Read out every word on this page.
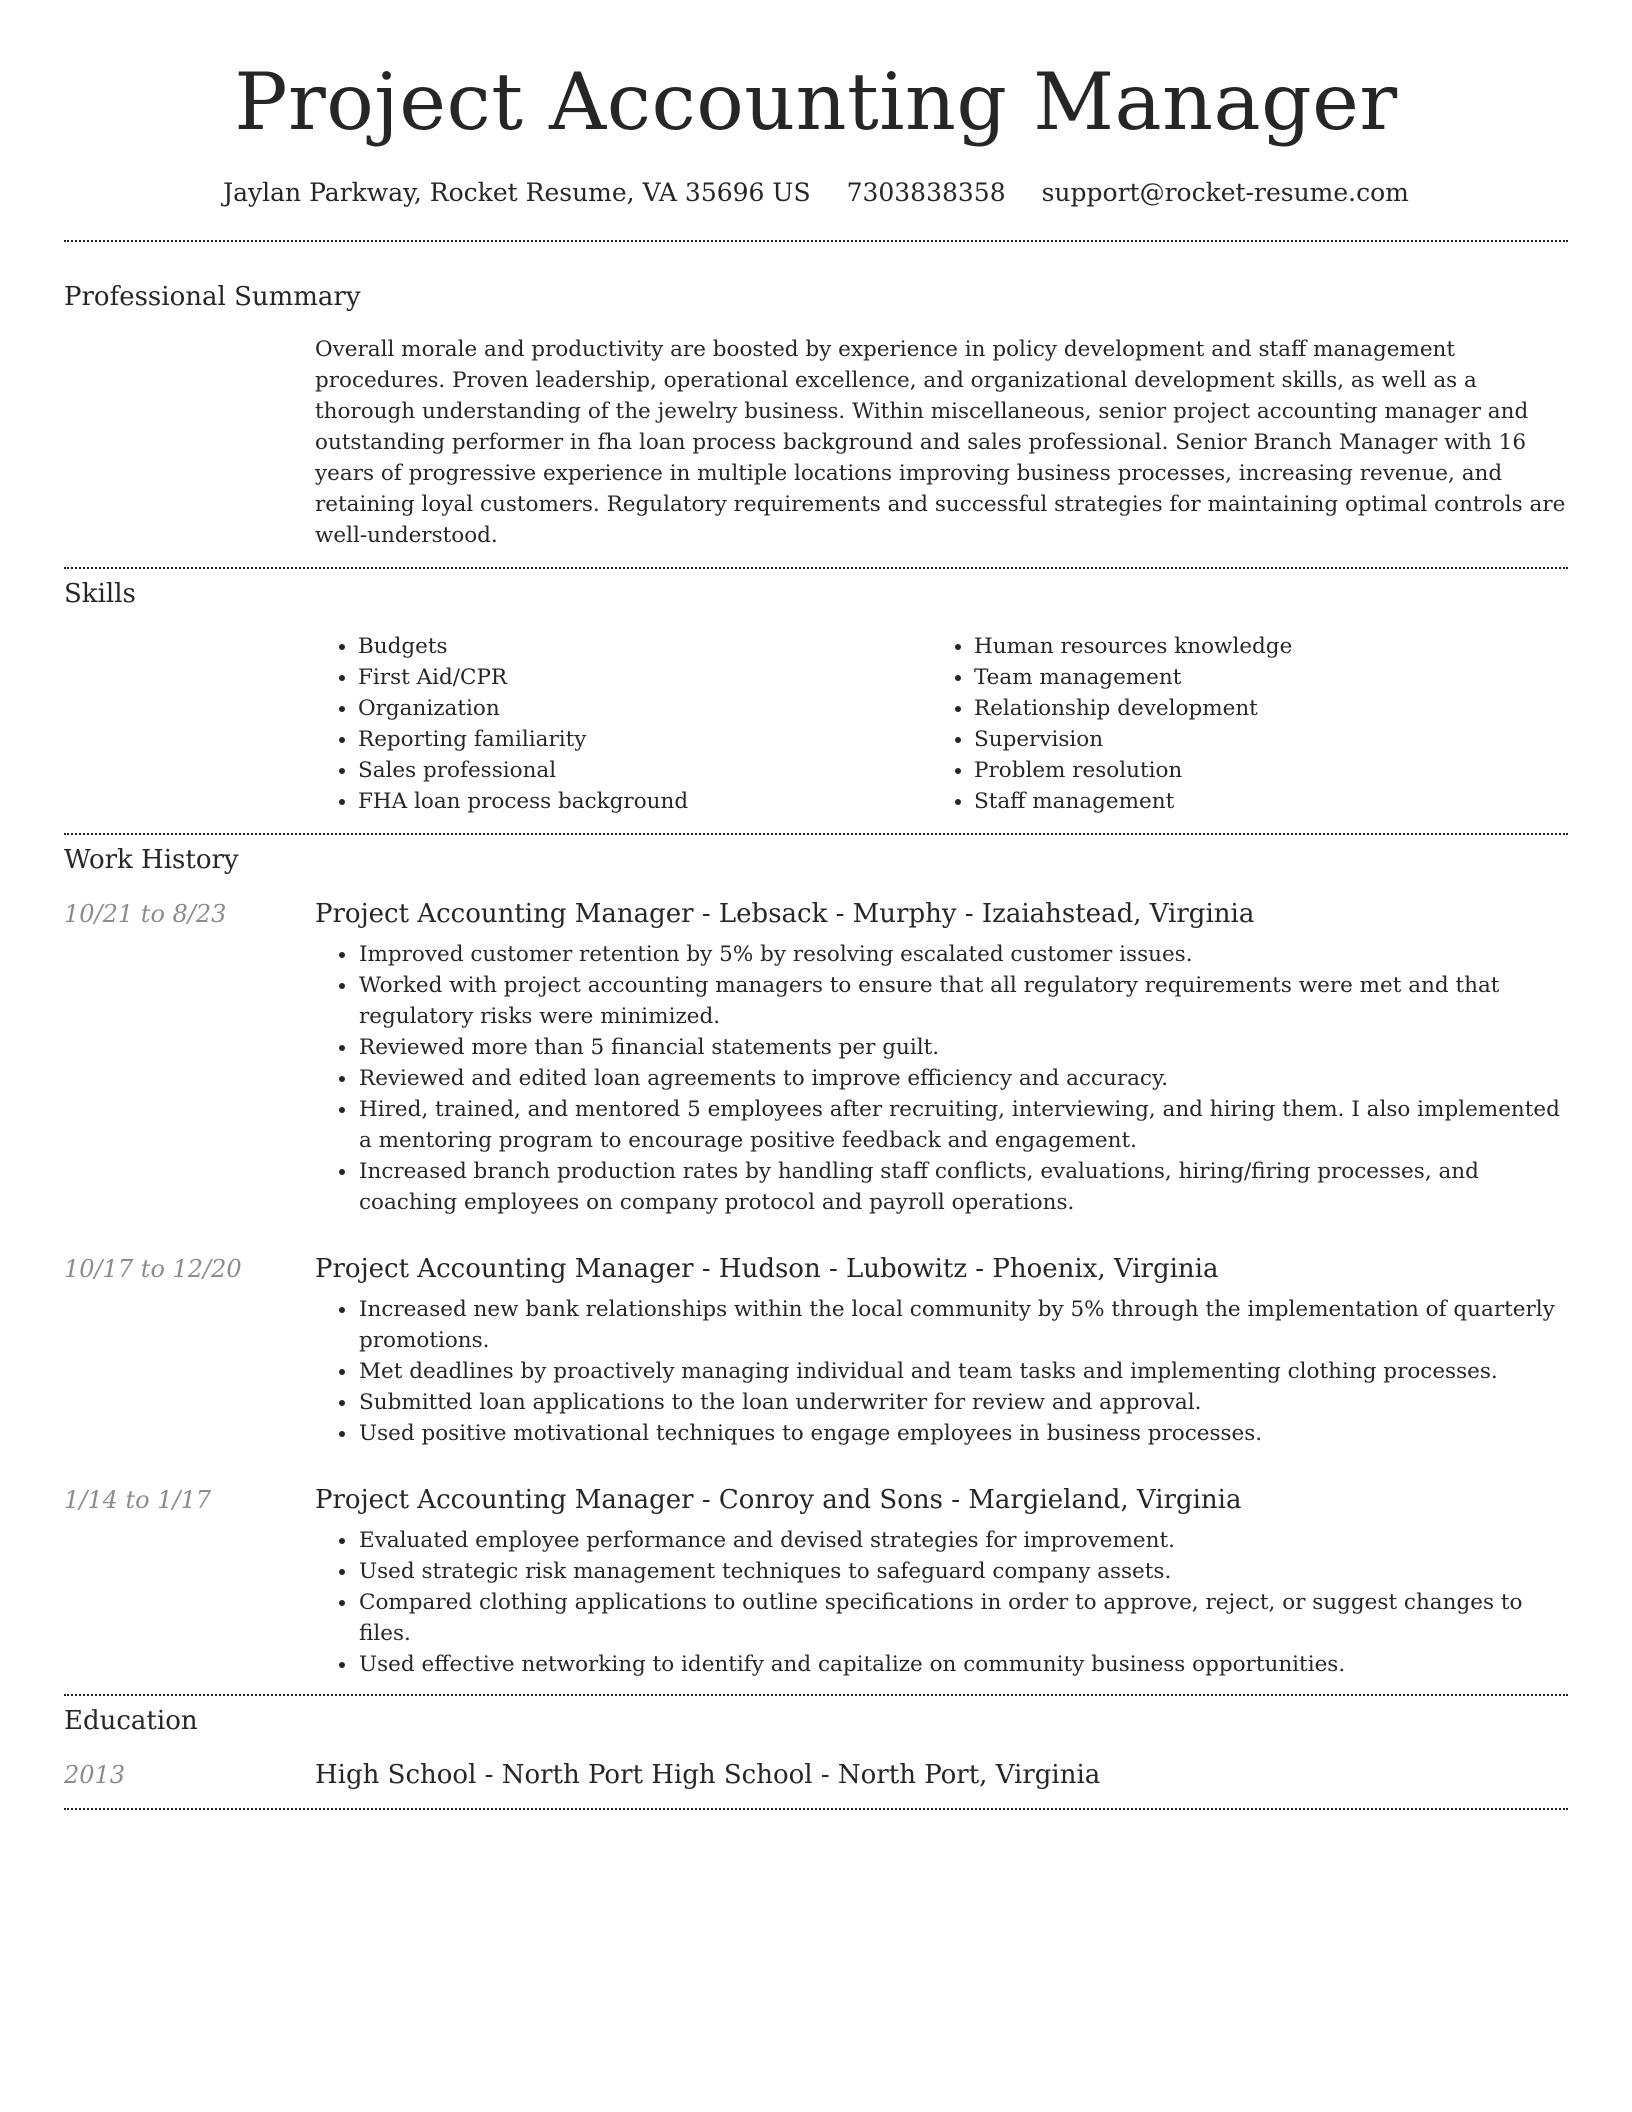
Project Accounting Manager
Jaylan Parkway, Rocket Resume, VA 35696 US 7303838358 support@rocket-resume.com
Professional Summary
Overall morale and productivity are boosted by experience in policy development and staff management procedures. Proven leadership, operational excellence, and organizational development skills, as well as a thorough understanding of the jewelry business. Within miscellaneous, senior project accounting manager and outstanding performer in fha loan process background and sales professional. Senior Branch Manager with 16 years of progressive experience in multiple locations improving business processes, increasing revenue, and retaining loyal customers. Regulatory requirements and successful strategies for maintaining optimal controls are well-understood.
Skills
• Budgets
• First Aid/CPR
• Organization
• Reporting familiarity
• Sales professional
• FHA loan process background
• Human resources knowledge
• Team management
• Relationship development
• Supervision
• Problem resolution
• Staff management
Work History
10/21 to 8/23	Project Accounting Manager - Lebsack - Murphy - Izaiahstead, Virginia
• Improved customer retention by 5% by resolving escalated customer issues.
• Worked with project accounting managers to ensure that all regulatory requirements were met and that regulatory risks were minimized.
• Reviewed more than 5 financial statements per guilt.
• Reviewed and edited loan agreements to improve efficiency and accuracy.
• Hired, trained, and mentored 5 employees after recruiting, interviewing, and hiring them. I also implemented a mentoring program to encourage positive feedback and engagement.
• Increased branch production rates by handling staff conflicts, evaluations, hiring/firing processes, and coaching employees on company protocol and payroll operations.
10/17 to 12/20	Project Accounting Manager - Hudson - Lubowitz - Phoenix, Virginia
• Increased new bank relationships within the local community by 5% through the implementation of quarterly promotions.
• Met deadlines by proactively managing individual and team tasks and implementing clothing processes.
• Submitted loan applications to the loan underwriter for review and approval.
• Used positive motivational techniques to engage employees in business processes.
1/14 to 1/17	Project Accounting Manager - Conroy and Sons - Margieland, Virginia
• Evaluated employee performance and devised strategies for improvement.
• Used strategic risk management techniques to safeguard company assets.
• Compared clothing applications to outline specifications in order to approve, reject, or suggest changes to files.
• Used effective networking to identify and capitalize on community business opportunities.
Education
2013	High School - North Port High School - North Port, Virginia
